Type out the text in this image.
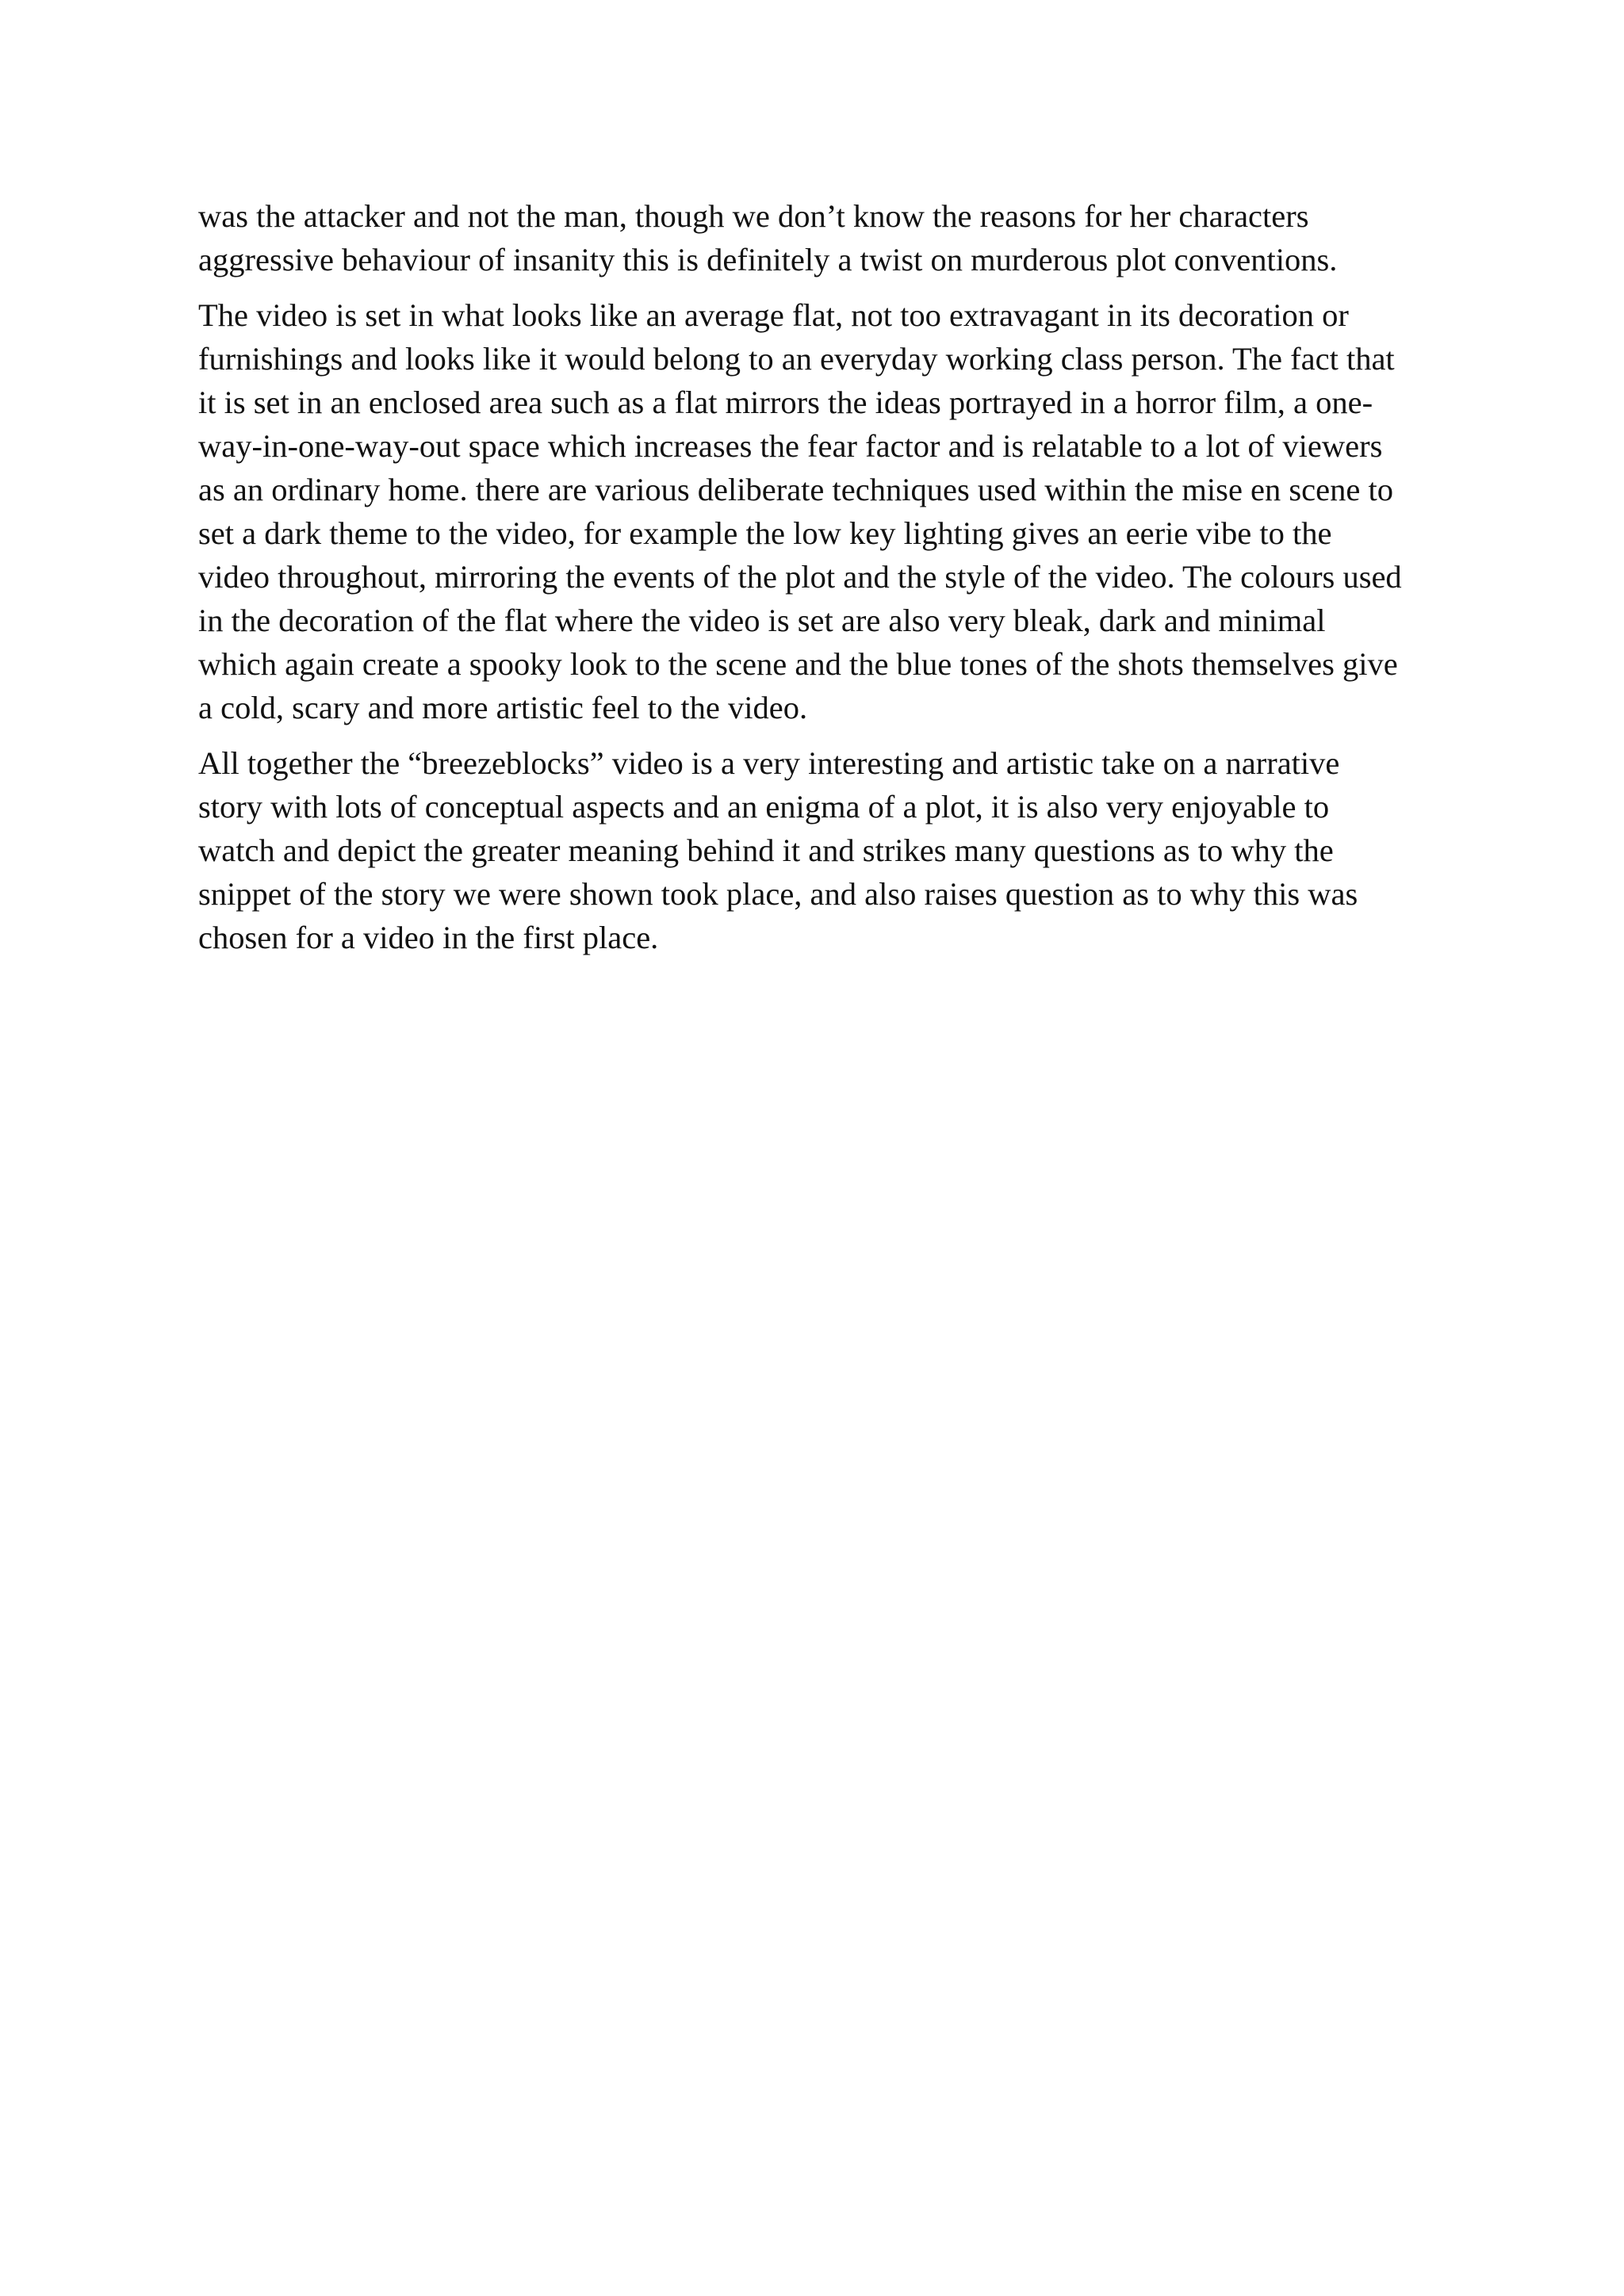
was the attacker and not the man, though we don’t know the reasons for her characters
aggressive behaviour of insanity this is definitely a twist on murderous plot conventions.

The video is set in what looks like an average flat, not too extravagant in its decoration or
furnishings and looks like it would belong to an everyday working class person. The fact that
it is set in an enclosed area such as a flat mirrors the ideas portrayed in a horror film, a one-
way-in-one-way-out space which increases the fear factor and is relatable to a lot of viewers
as an ordinary home. there are various deliberate techniques used within the mise en scene to
set a dark theme to the video, for example the low key lighting gives an eerie vibe to the
video throughout, mirroring the events of the plot and the style of the video. The colours used
in the decoration of the flat where the video is set are also very bleak, dark and minimal
which again create a spooky look to the scene and the blue tones of the shots themselves give
a cold, scary and more artistic feel to the video.

All together the “breezeblocks” video is a very interesting and artistic take on a narrative
story with lots of conceptual aspects and an enigma of a plot, it is also very enjoyable to
watch and depict the greater meaning behind it and strikes many questions as to why the
snippet of the story we were shown took place, and also raises question as to why this was
chosen for a video in the first place.
